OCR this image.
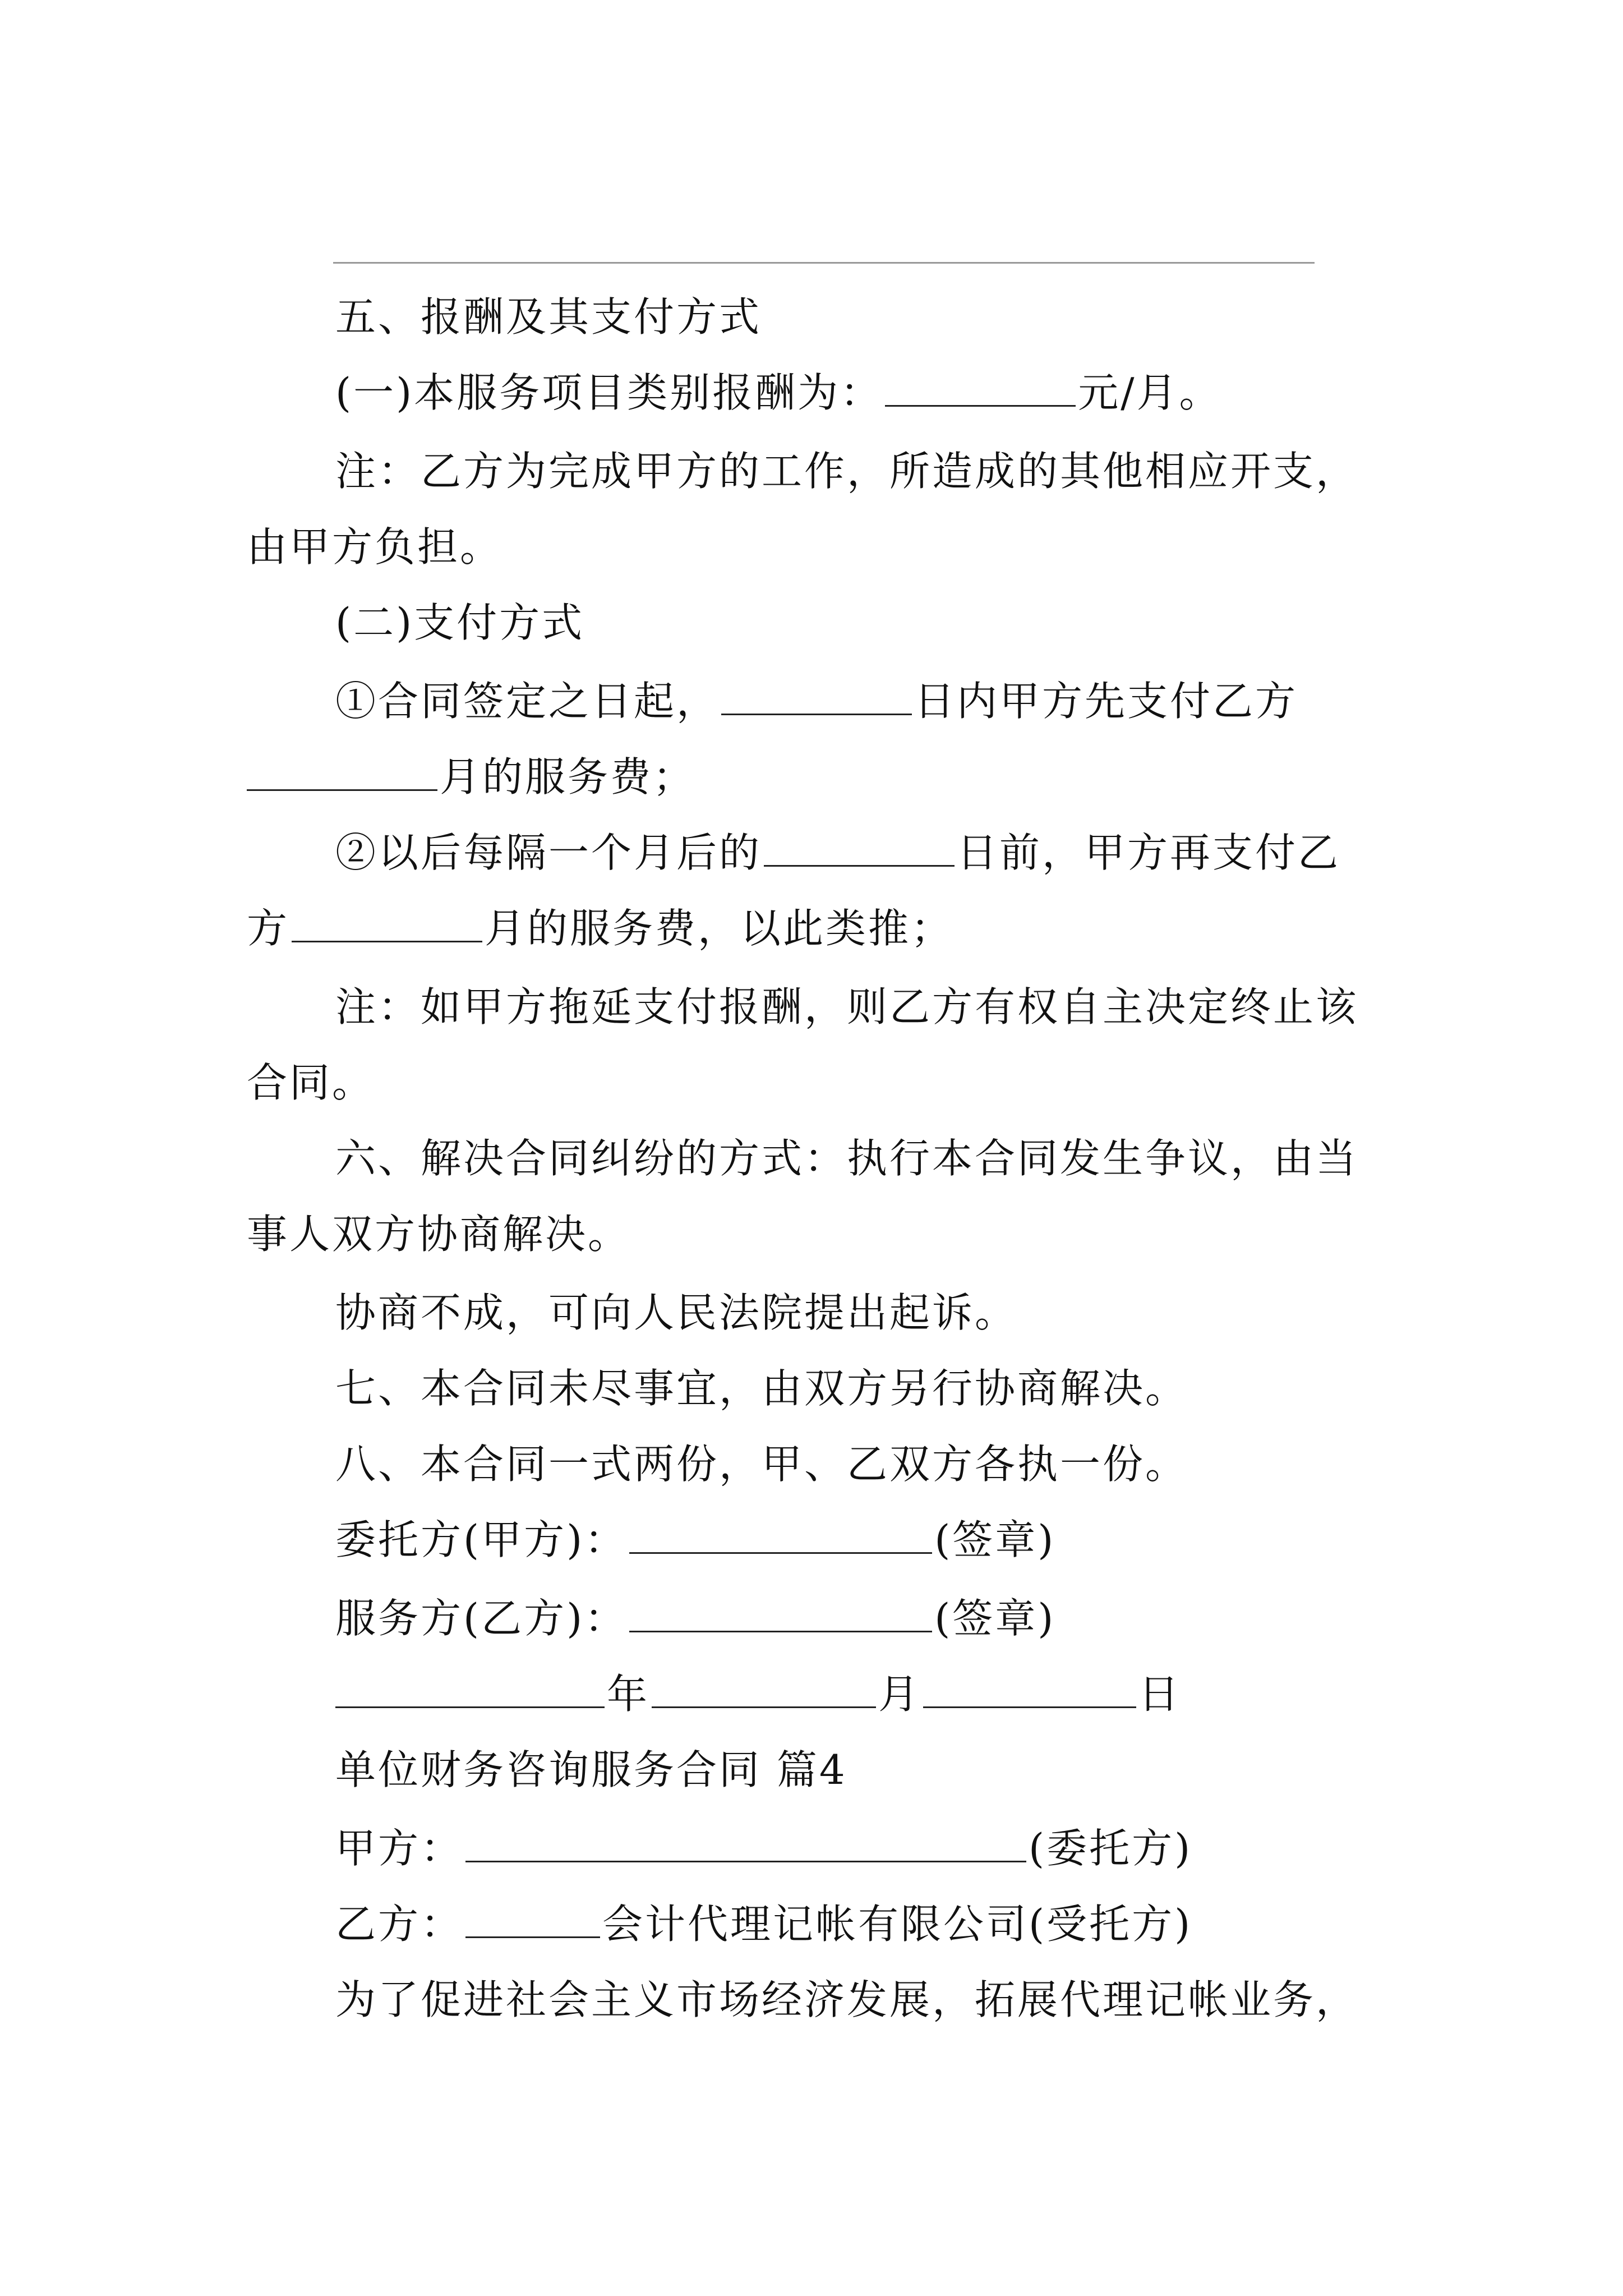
五、报酬及其支付方式
(一)本服务项目类别报酬为：	元/月。
注：乙方为完成甲方的工作，所造成的其他相应开支，
由甲方负担。
(二)支付方式
①合同签定之日起，	日内甲方先支付乙方
月的服务费；
②以后每隔一个月后的	日前，甲方再支付乙
方	月的服务费，以此类推；
注：如甲方拖延支付报酬，则乙方有权自主决定终止该
合同。
六、解决合同纠纷的方式：执行本合同发生争议，由当
事人双方协商解决。
协商不成，可向人民法院提出起诉。
七、本合同未尽事宜，由双方另行协商解决。
八、本合同一式两份，甲、乙双方各执一份。
委托方(甲方)：	(签章)
服务方(乙方)：	(签章)
年	月	日
单位财务咨询服务合同 篇4
甲方：	(委托方)
乙方：	会计代理记帐有限公司(受托方)
为了促进社会主义市场经济发展，拓展代理记帐业务，
